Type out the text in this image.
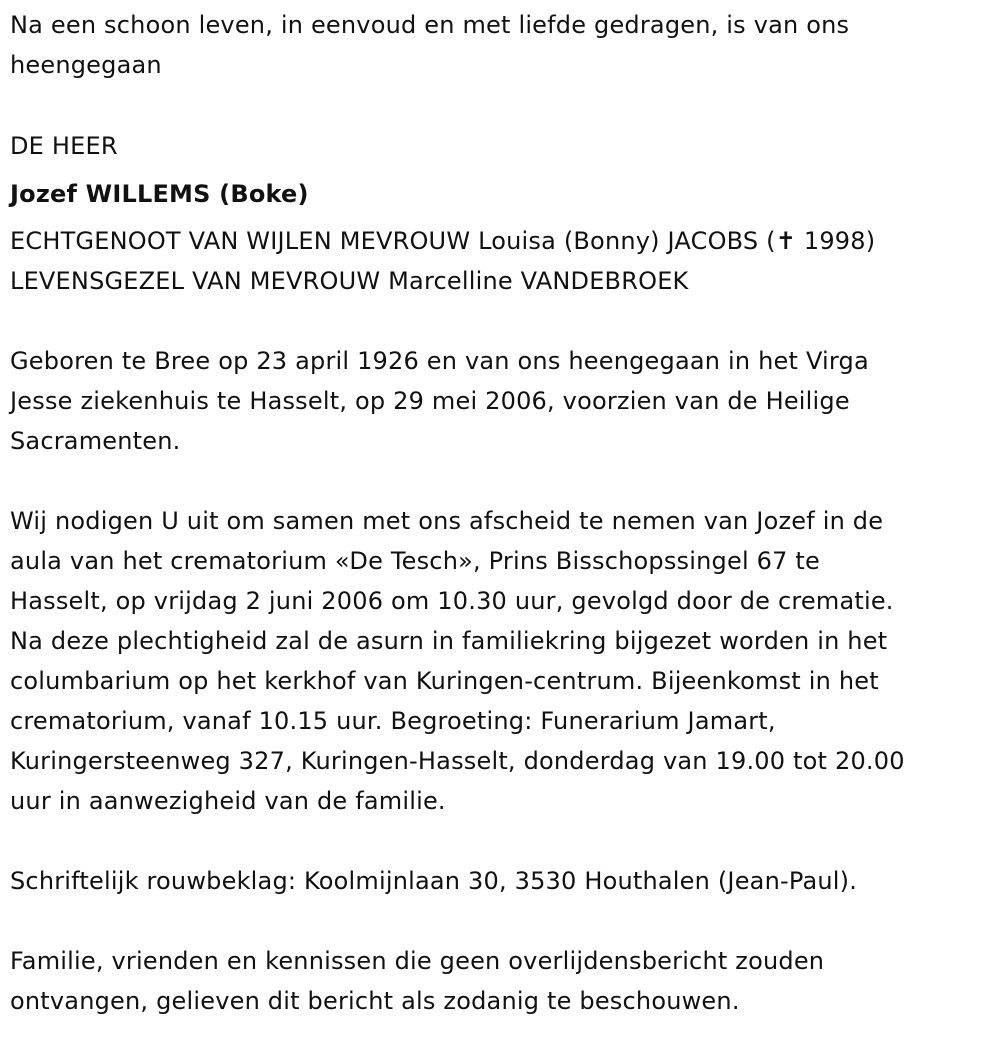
Na een schoon leven, in eenvoud en met liefde gedragen, is van ons
heengegaan
DE HEER
Jozef WILLEMS (Boke)
ECHTGENOOT VAN WIJLEN MEVROUW Louisa (Bonny) JACOBS (✝ 1998)
LEVENSGEZEL VAN MEVROUW Marcelline VANDEBROEK
Geboren te Bree op 23 april 1926 en van ons heengegaan in het Virga
Jesse ziekenhuis te Hasselt, op 29 mei 2006, voorzien van de Heilige
Sacramenten.
Wij nodigen U uit om samen met ons afscheid te nemen van Jozef in de
aula van het crematorium «De Tesch», Prins Bisschopssingel 67 te
Hasselt, op vrijdag 2 juni 2006 om 10.30 uur, gevolgd door de crematie.
Na deze plechtigheid zal de asurn in familiekring bijgezet worden in het
columbarium op het kerkhof van Kuringen-centrum. Bijeenkomst in het
crematorium, vanaf 10.15 uur. Begroeting: Funerarium Jamart,
Kuringersteenweg 327, Kuringen-Hasselt, donderdag van 19.00 tot 20.00
uur in aanwezigheid van de familie.
Schriftelijk rouwbeklag: Koolmijnlaan 30, 3530 Houthalen (Jean-Paul).
Familie, vrienden en kennissen die geen overlijdensbericht zouden
ontvangen, gelieven dit bericht als zodanig te beschouwen.
